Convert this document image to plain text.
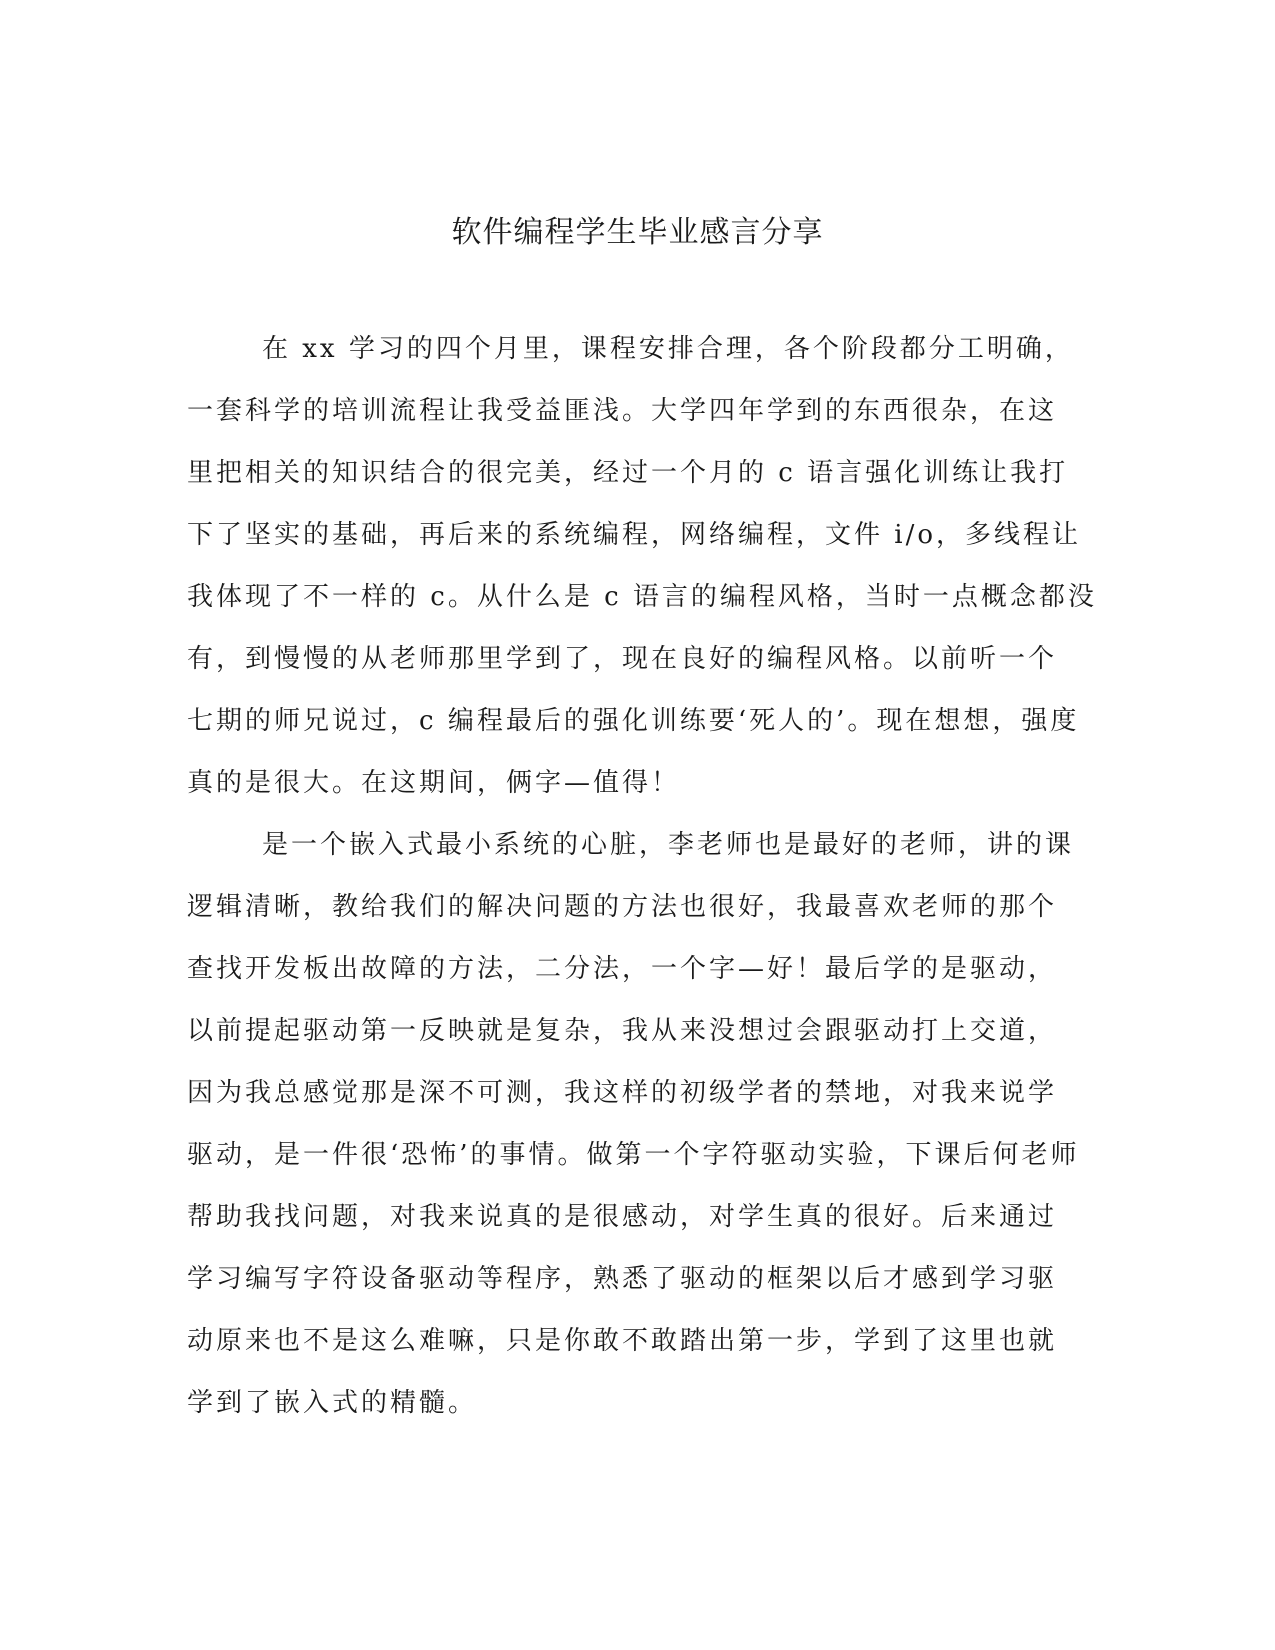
软件编程学生毕业感言分享
在 xx 学习的四个月里，课程安排合理，各个阶段都分工明确，
一套科学的培训流程让我受益匪浅。大学四年学到的东西很杂，在这
里把相关的知识结合的很完美，经过一个月的 c 语言强化训练让我打
下了坚实的基础，再后来的系统编程，网络编程，文件 i/o，多线程让
我体现了不一样的 c。从什么是 c 语言的编程风格，当时一点概念都没
有，到慢慢的从老师那里学到了，现在良好的编程风格。以前听一个
七期的师兄说过，c 编程最后的强化训练要‘死人的’。现在想想，强度
真的是很大。在这期间，俩字—值得！
是一个嵌入式最小系统的心脏，李老师也是最好的老师，讲的课
逻辑清晰，教给我们的解决问题的方法也很好，我最喜欢老师的那个
查找开发板出故障的方法，二分法，一个字—好！最后学的是驱动，
以前提起驱动第一反映就是复杂，我从来没想过会跟驱动打上交道，
因为我总感觉那是深不可测，我这样的初级学者的禁地，对我来说学
驱动，是一件很‘恐怖’的事情。做第一个字符驱动实验，下课后何老师
帮助我找问题，对我来说真的是很感动，对学生真的很好。后来通过
学习编写字符设备驱动等程序，熟悉了驱动的框架以后才感到学习驱
动原来也不是这么难嘛，只是你敢不敢踏出第一步，学到了这里也就
学到了嵌入式的精髓。
